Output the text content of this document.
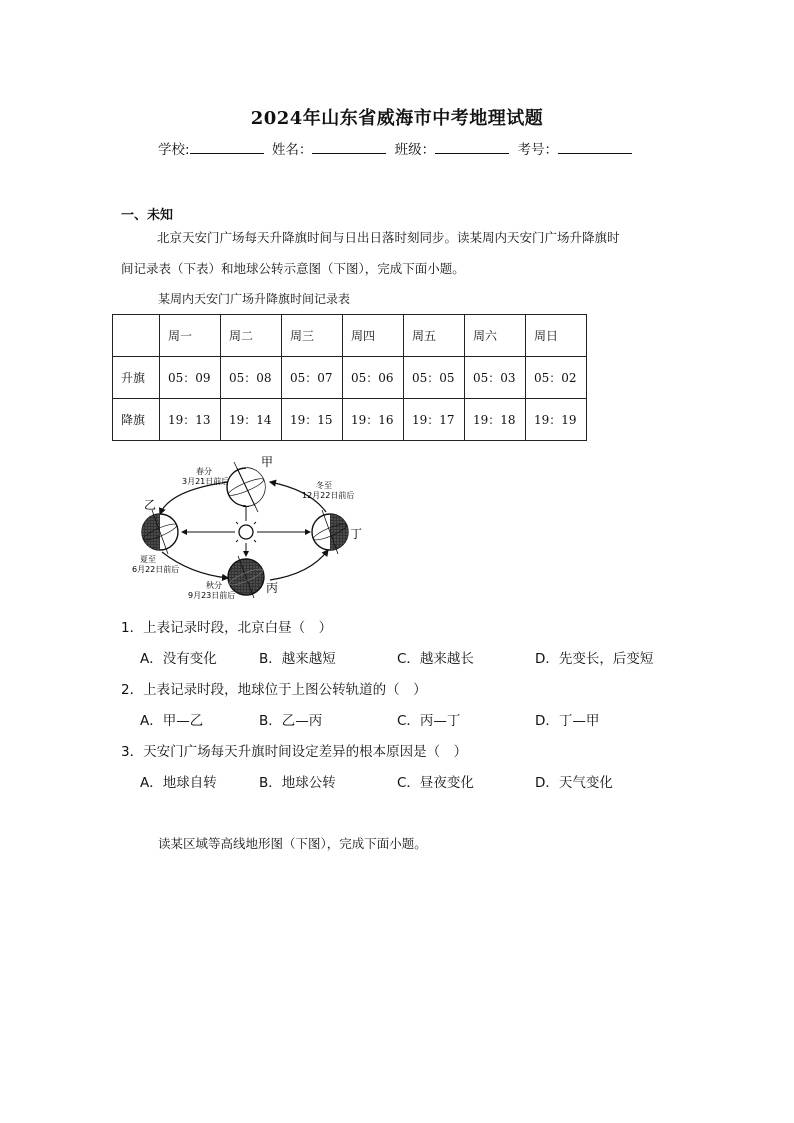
2024年山东省威海市中考地理试题
学校:	姓名：	班级：	考号：
一、未知
北京天安门广场每天升降旗时间与日出日落时刻同步。读某周内天安门广场升降旗时
间记录表（下表）和地球公转示意图（下图），完成下面小题。
某周内天安门广场升降旗时间记录表
	周一	周二	周三	周四	周五	周六	周日
升旗	05：09	05：08	05：07	05：06	05：05	05：03	05：02
降旗	19：13	19：14	19：15	19：16	19：17	19：18	19：19
甲
乙
丙
丁
春分
3月21日前后	冬至
12月22日前后
夏至
6月22日前后
秋分
9月23日前后
1．上表记录时段，北京白昼（　）
A．没有变化	B．越来越短	C．越来越长	D．先变长，后变短
2．上表记录时段，地球位于上图公转轨道的（　）
A．甲—乙	B．乙—丙	C．丙—丁	D．丁—甲
3．天安门广场每天升旗时间设定差异的根本原因是（　）
A．地球自转	B．地球公转	C．昼夜变化	D．天气变化
读某区域等高线地形图（下图），完成下面小题。
